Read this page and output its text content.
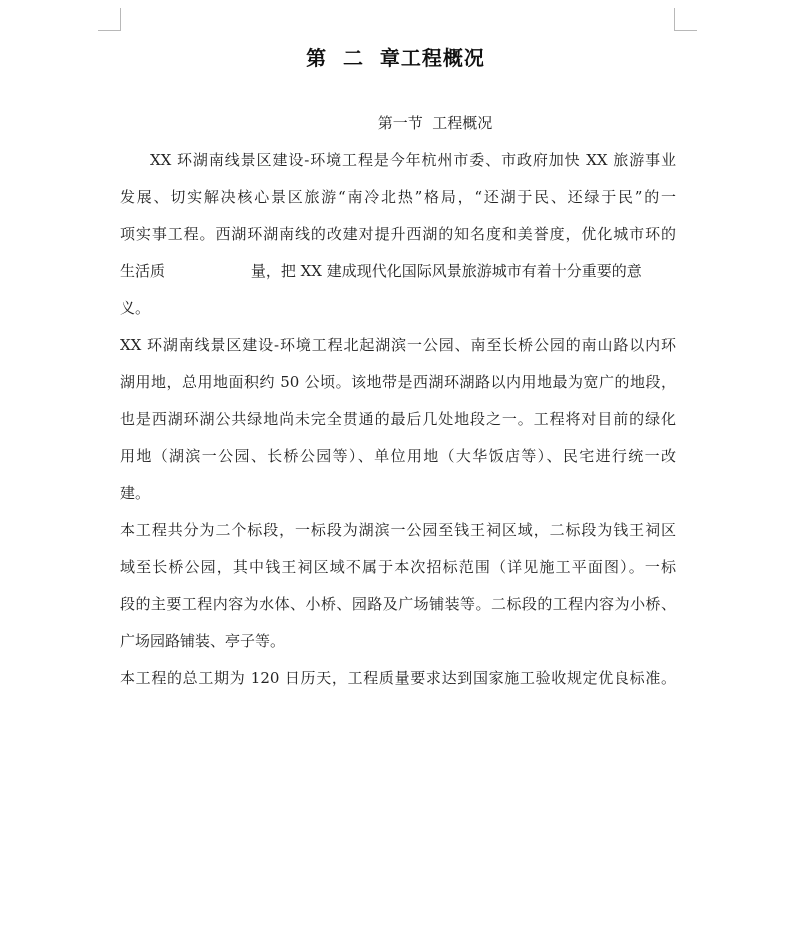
第  二  章工程概况
第一节  工程概况
XX 环湖南线景区建设-环境工程是今年杭州市委、市政府加快 XX 旅游事业
发展、切实解决核心景区旅游“南冷北热”格局，“还湖于民、还绿于民”的一
项实事工程。西湖环湖南线的改建对提升西湖的知名度和美誉度，优化城市环的
生活质                  量，把 XX 建成现代化国际风景旅游城市有着十分重要的意
义。
XX 环湖南线景区建设-环境工程北起湖滨一公园、南至长桥公园的南山路以内环
湖用地，总用地面积约 50 公顷。该地带是西湖环湖路以内用地最为宽广的地段，
也是西湖环湖公共绿地尚未完全贯通的最后几处地段之一。工程将对目前的绿化
用地（湖滨一公园、长桥公园等）、单位用地（大华饭店等）、民宅进行统一改
建。
本工程共分为二个标段，一标段为湖滨一公园至钱王祠区域，二标段为钱王祠区
域至长桥公园，其中钱王祠区域不属于本次招标范围（详见施工平面图）。一标
段的主要工程内容为水体、小桥、园路及广场铺装等。二标段的工程内容为小桥、
广场园路铺装、亭子等。
本工程的总工期为 120 日历天，工程质量要求达到国家施工验收规定优良标准。
